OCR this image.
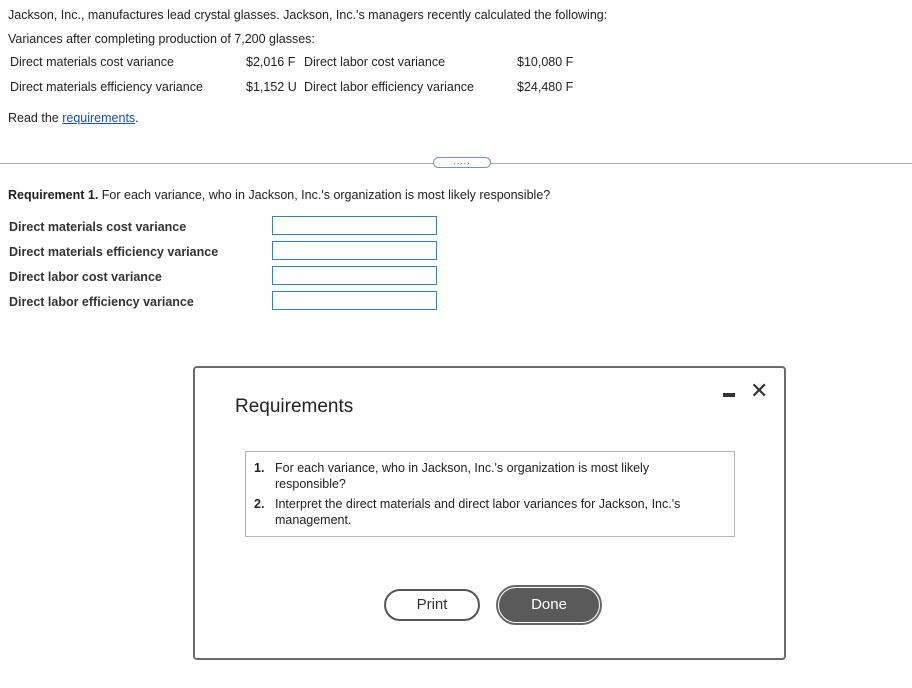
Jackson, Inc., manufactures lead crystal glasses. Jackson, Inc.'s managers recently calculated the following:
Variances after completing production of 7,200 glasses:
Direct materials cost variance	$2,016 F Direct labor cost variance	$10,080 F
Direct materials efficiency variance	$1,152 U Direct labor efficiency variance	$24,480 F
Read the requirements.
.....
Requirement 1. For each variance, who in Jackson, Inc.'s organization is most likely responsible?
Direct materials cost variance
Direct materials efficiency variance
Direct labor cost variance
Direct labor efficiency variance
Requirements
✕
1. For each variance, who in Jackson, Inc.'s organization is most likely responsible?
2. Interpret the direct materials and direct labor variances for Jackson, Inc.'s management.
Print	Done
